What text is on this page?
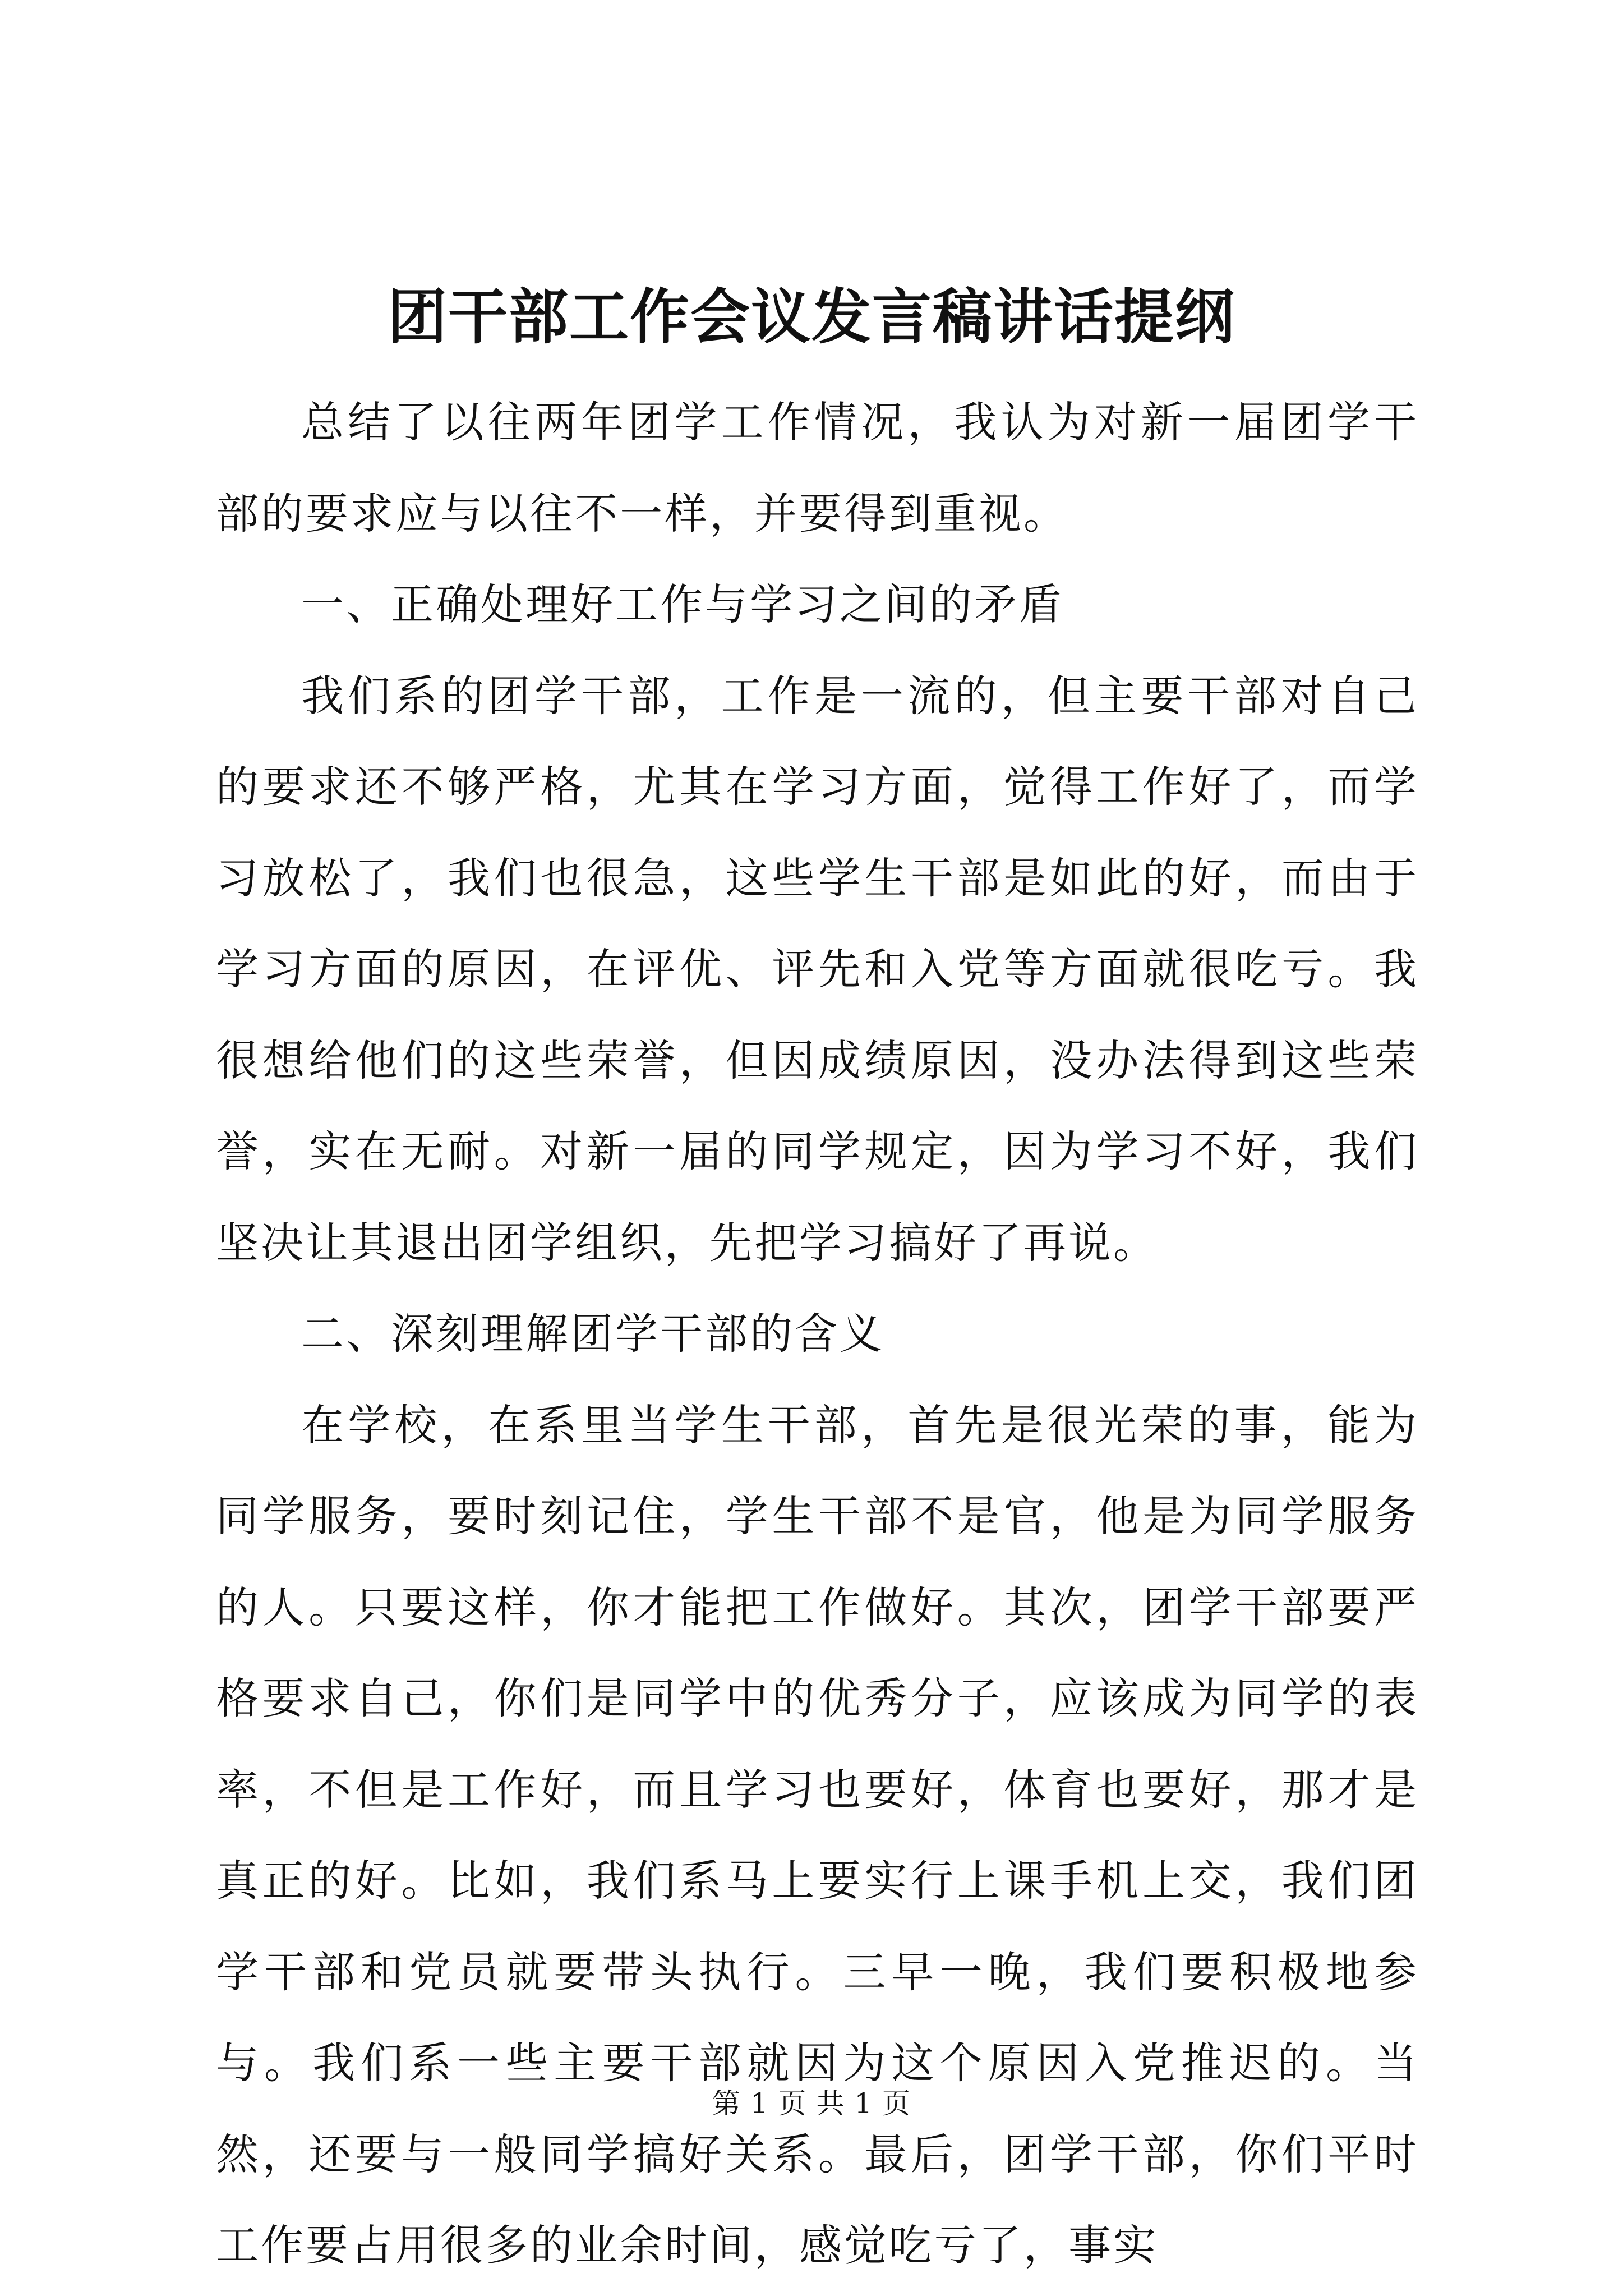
团干部工作会议发言稿讲话提纲

总结了以往两年团学工作情况，我认为对新一届团学干部的要求应与以往不一样，并要得到重视。

一、正确处理好工作与学习之间的矛盾

我们系的团学干部，工作是一流的，但主要干部对自己的要求还不够严格，尤其在学习方面，觉得工作好了，而学习放松了，我们也很急，这些学生干部是如此的好，而由于学习方面的原因，在评优、评先和入党等方面就很吃亏。我很想给他们的这些荣誉，但因成绩原因，没办法得到这些荣誉，实在无耐。对新一届的同学规定，因为学习不好，我们坚决让其退出团学组织，先把学习搞好了再说。

二、深刻理解团学干部的含义

在学校，在系里当学生干部，首先是很光荣的事，能为同学服务，要时刻记住，学生干部不是官，他是为同学服务的人。只要这样，你才能把工作做好。其次，团学干部要严格要求自己，你们是同学中的优秀分子，应该成为同学的表率，不但是工作好，而且学习也要好，体育也要好，那才是真正的好。比如，我们系马上要实行上课手机上交，我们团学干部和党员就要带头执行。三早一晚，我们要积极地参与。我们系一些主要干部就因为这个原因入党推迟的。当然，还要与一般同学搞好关系。最后，团学干部，你们平时工作要占用很多的业余时间，感觉吃亏了，事实

第 1 页 共 1 页
